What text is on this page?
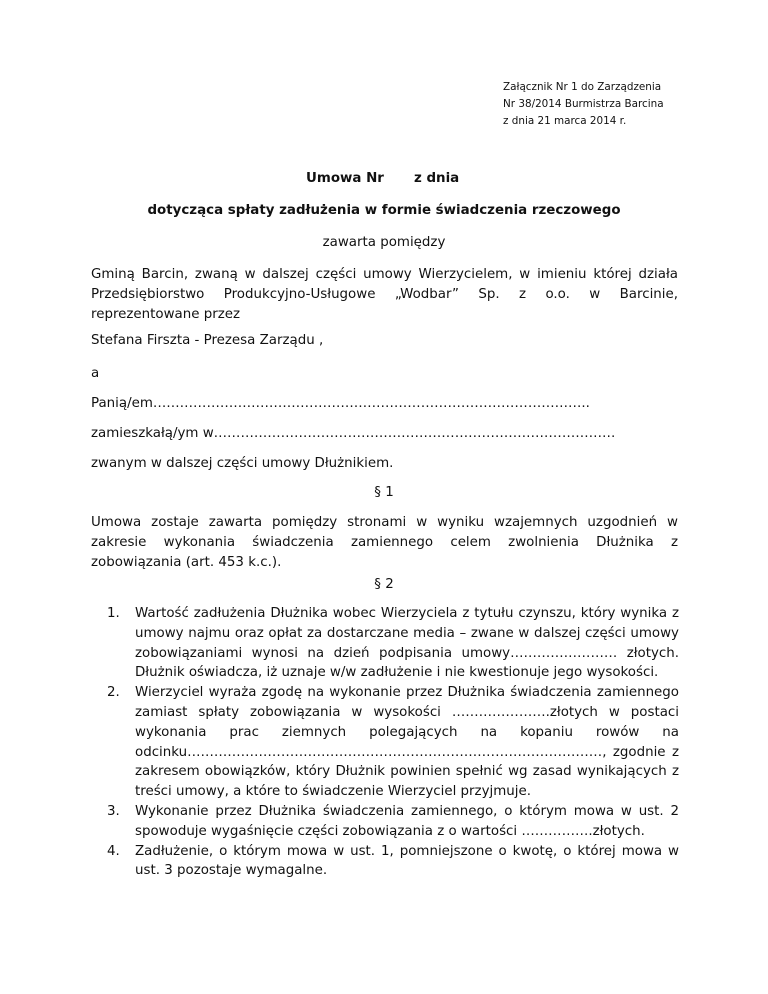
Załącznik Nr 1 do Zarządzenia
Nr 38/2014 Burmistrza Barcina
z dnia 21 marca 2014 r.
Umowa Nr z dnia
dotycząca spłaty zadłużenia w formie świadczenia rzeczowego
zawarta pomiędzy
Gminą Barcin, zwaną w dalszej części umowy Wierzycielem, w imieniu której działa
Przedsiębiorstwo Produkcyjno-Usługowe „Wodbar” Sp. z o.o. w Barcinie,
reprezentowane przez
Stefana Firszta - Prezesa Zarządu ,
a
Panią/em……………………………………………………………………………………..
zamieszkałą/ym w………………………………………………………………………………
zwanym w dalszej części umowy Dłużnikiem.
§ 1
Umowa zostaje zawarta pomiędzy stronami w wyniku wzajemnych uzgodnień w
zakresie wykonania świadczenia zamiennego celem zwolnienia Dłużnika z
zobowiązania (art. 453 k.c.).
§ 2
1. Wartość zadłużenia Dłużnika wobec Wierzyciela z tytułu czynszu, który wynika z umowy najmu oraz opłat za dostarczane media – zwane w dalszej części umowy zobowiązaniami wynosi na dzień podpisania umowy…………………… złotych. Dłużnik oświadcza, iż uznaje w/w zadłużenie i nie kwestionuje jego wysokości.
2. Wierzyciel wyraża zgodę na wykonanie przez Dłużnika świadczenia zamiennego zamiast spłaty zobowiązania w wysokości ………………….złotych w postaci wykonania prac ziemnych polegających na kopaniu rowów na odcinku…………………………………………………………………………………, zgodnie z zakresem obowiązków, który Dłużnik powinien spełnić wg zasad wynikających z treści umowy, a które to świadczenie Wierzyciel przyjmuje.
3. Wykonanie przez Dłużnika świadczenia zamiennego, o którym mowa w ust. 2 spowoduje wygaśnięcie części zobowiązania z o wartości …………….złotych.
4. Zadłużenie, o którym mowa w ust. 1, pomniejszone o kwotę, o której mowa w ust. 3 pozostaje wymagalne.
